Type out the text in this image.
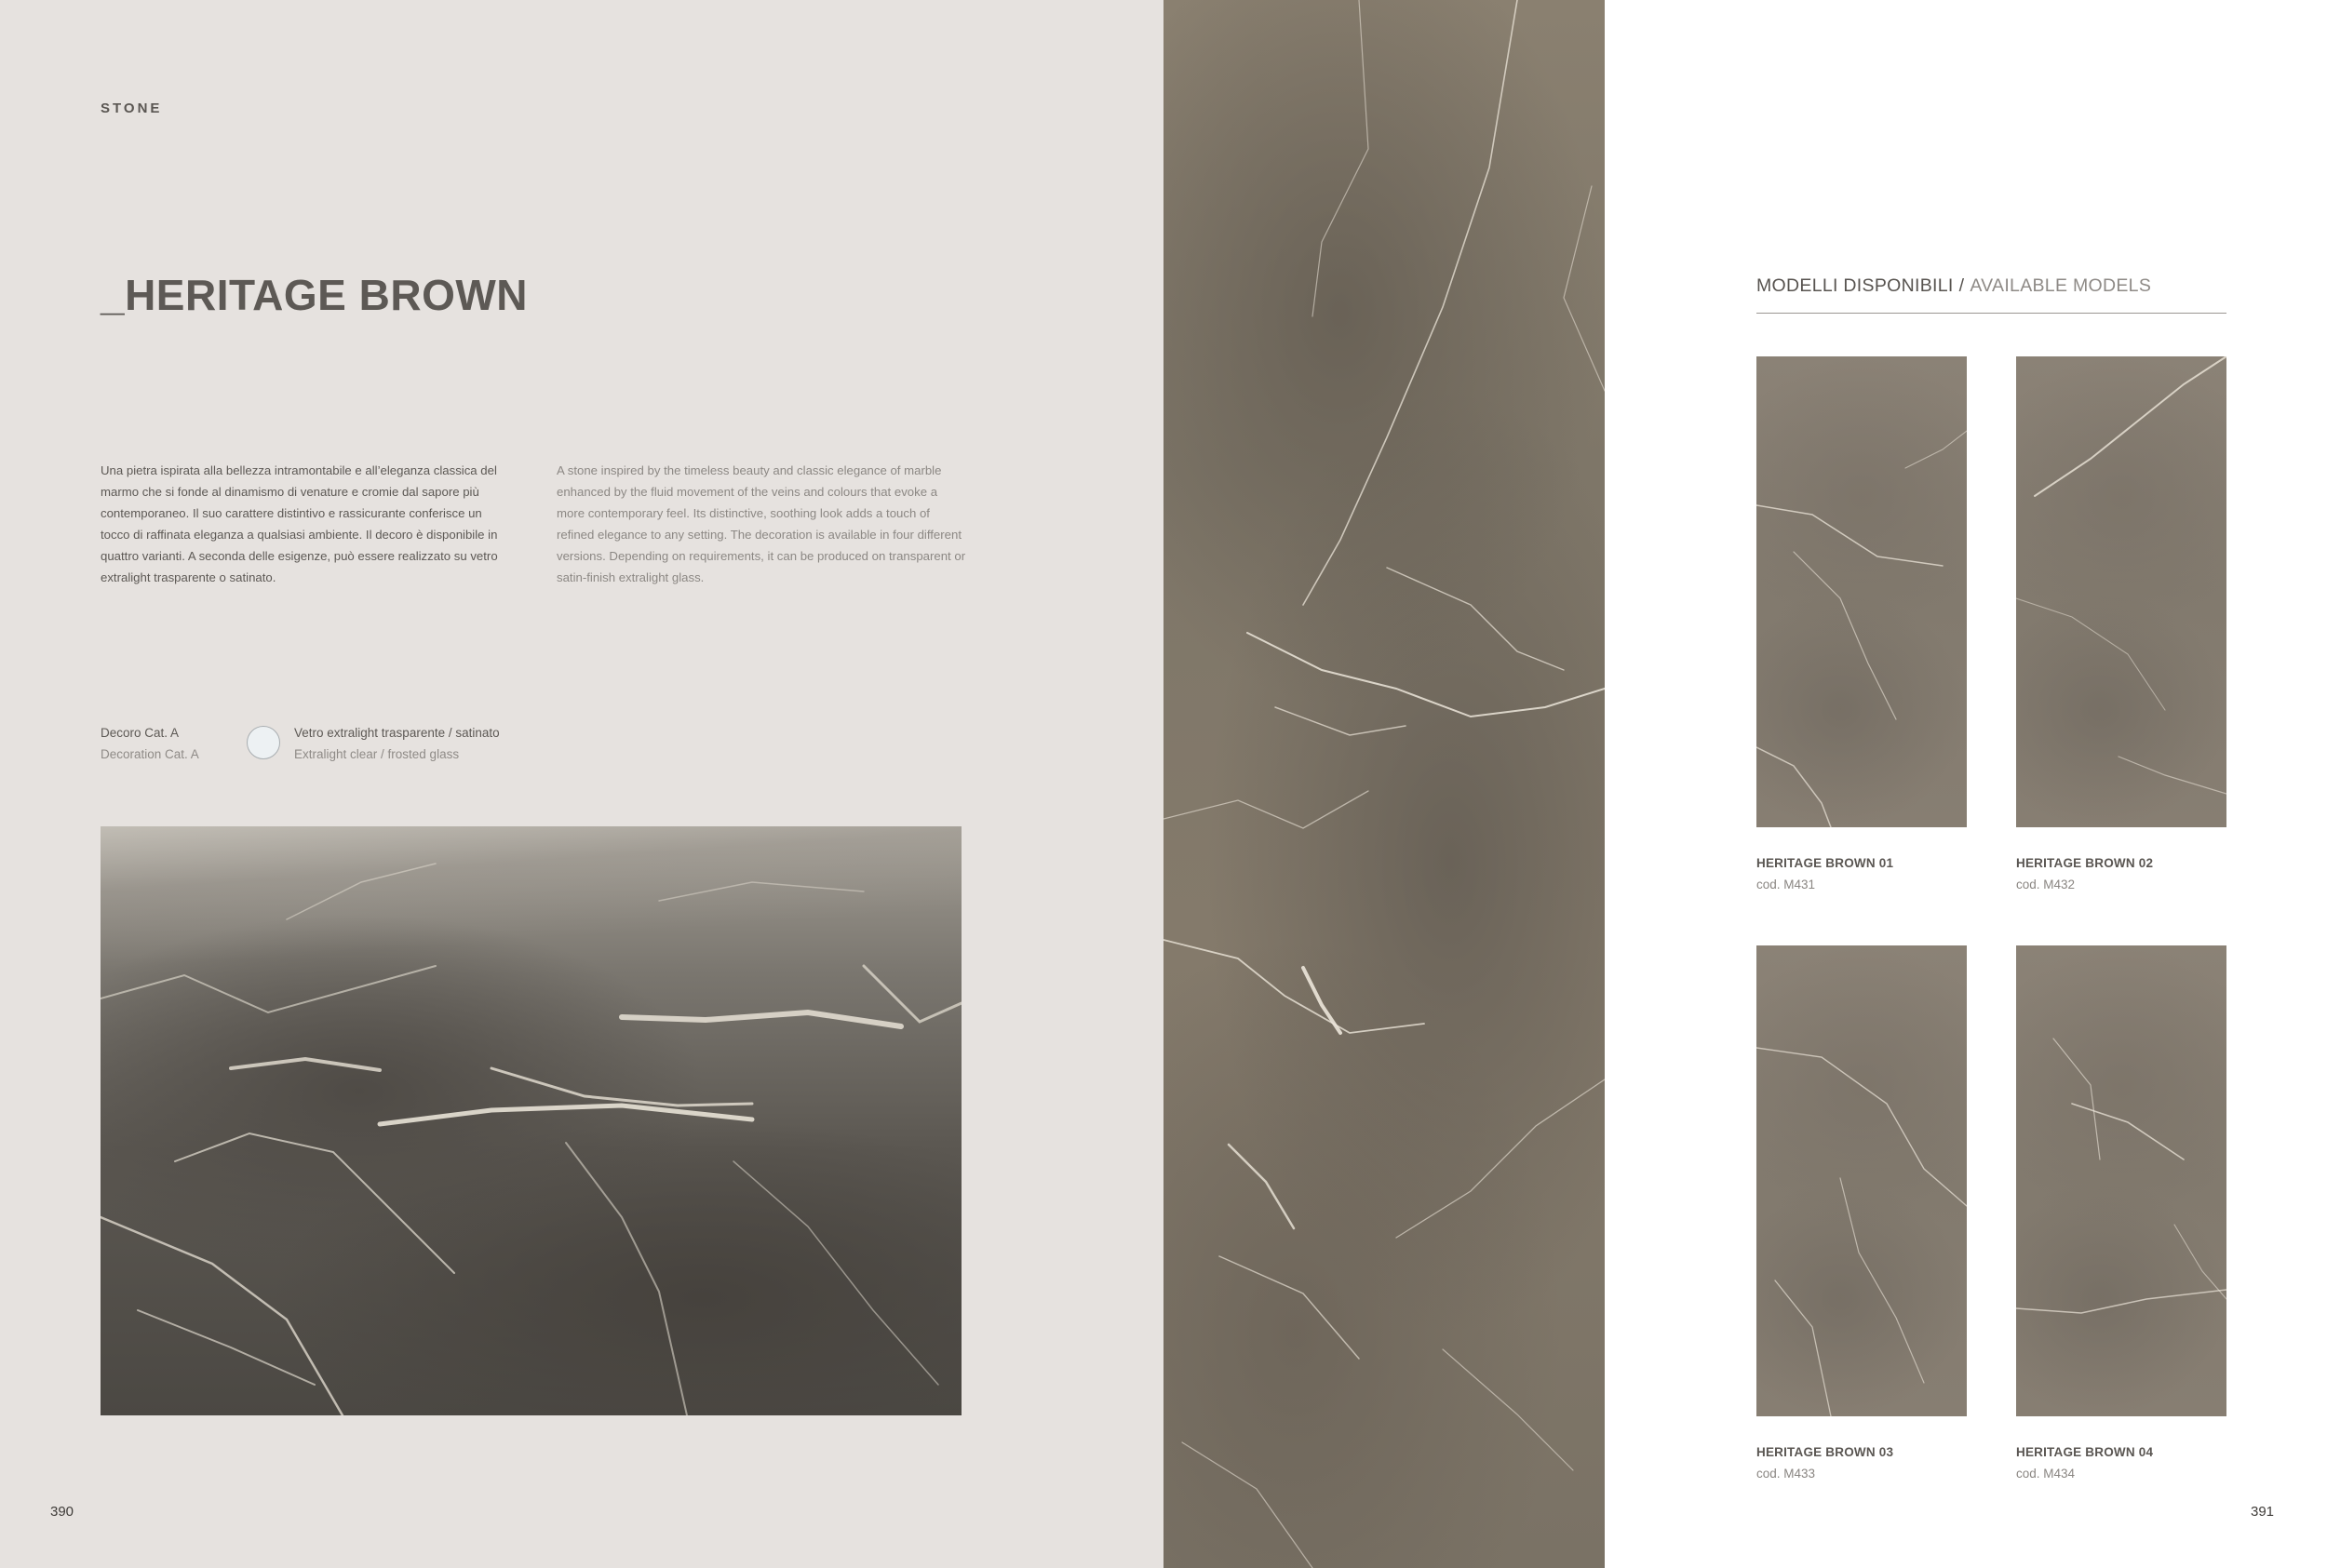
STONE
_HERITAGE BROWN

Una pietra ispirata alla bellezza intramontabile e all’eleganza classica del marmo che si fonde al dinamismo di venature e cromie dal sapore più contemporaneo. Il suo carattere distintivo e rassicurante conferisce un tocco di raffinata eleganza a qualsiasi ambiente. Il decoro è disponibile in quattro varianti. A seconda delle esigenze, può essere realizzato su vetro extralight trasparente o satinato.

A stone inspired by the timeless beauty and classic elegance of marble enhanced by the fluid movement of the veins and colours that evoke a more contemporary feel. Its distinctive, soothing look adds a touch of refined elegance to any setting. The decoration is available in four different versions. Depending on requirements, it can be produced on transparent or satin-finish extralight glass.

Decoro Cat. A
Decoration Cat. A
Vetro extralight trasparente / satinato
Extralight clear / frosted glass
390
MODELLI DISPONIBILI / AVAILABLE MODELS
HERITAGE BROWN 01
cod. M431
HERITAGE BROWN 02
cod. M432
HERITAGE BROWN 03
cod. M433
HERITAGE BROWN 04
cod. M434
391
